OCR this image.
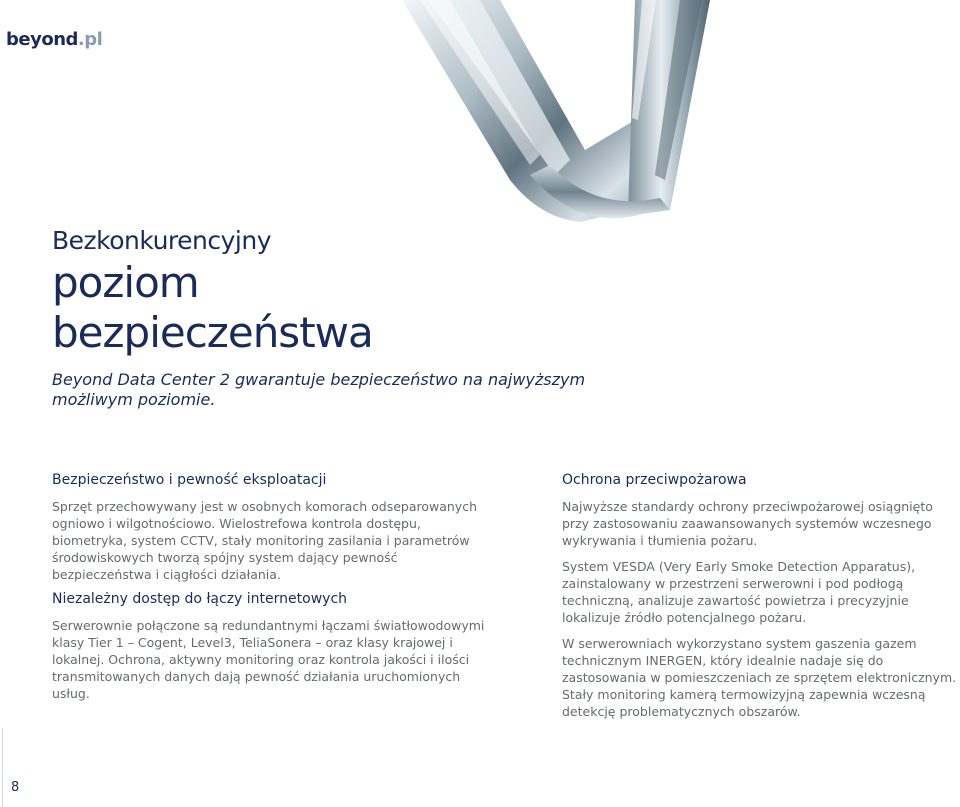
beyond.pl
Bezkonkurencyjny
poziom
bezpieczeństwa
Beyond Data Center 2 gwarantuje bezpieczeństwo na najwyższym możliwym poziomie.
Bezpieczeństwo i pewność eksploatacji

Sprzęt przechowywany jest w osobnych komorach odseparowanych ogniowo i wilgotnościowo. Wielostrefowa kontrola dostępu, biometryka, system CCTV, stały monitoring zasilania i parametrów środowiskowych tworzą spójny system dający pewność bezpieczeństwa i ciągłości działania.

Niezależny dostęp do łączy internetowych

Serwerownie połączone są redundantnymi łączami światłowodowymi klasy Tier 1 – Cogent, Level3, TeliaSonera – oraz klasy krajowej i lokalnej. Ochrona, aktywny monitoring oraz kontrola jakości i ilości transmitowanych danych dają pewność działania uruchomionych usług.

Ochrona przeciwpożarowa

Najwyższe standardy ochrony przeciwpożarowej osiągnięto przy zastosowaniu zaawansowanych systemów wczesnego wykrywania i tłumienia pożaru.

System VESDA (Very Early Smoke Detection Apparatus), zainstalowany w przestrzeni serwerowni i pod podłogą techniczną, analizuje zawartość powietrza i precyzyjnie lokalizuje źródło potencjalnego pożaru.

W serwerowniach wykorzystano system gaszenia gazem technicznym INERGEN, który idealnie nadaje się do zastosowania w pomieszczeniach ze sprzętem elektronicznym. Stały monitoring kamerą termowizyjną zapewnia wczesną detekcję problematycznych obszarów.

8
